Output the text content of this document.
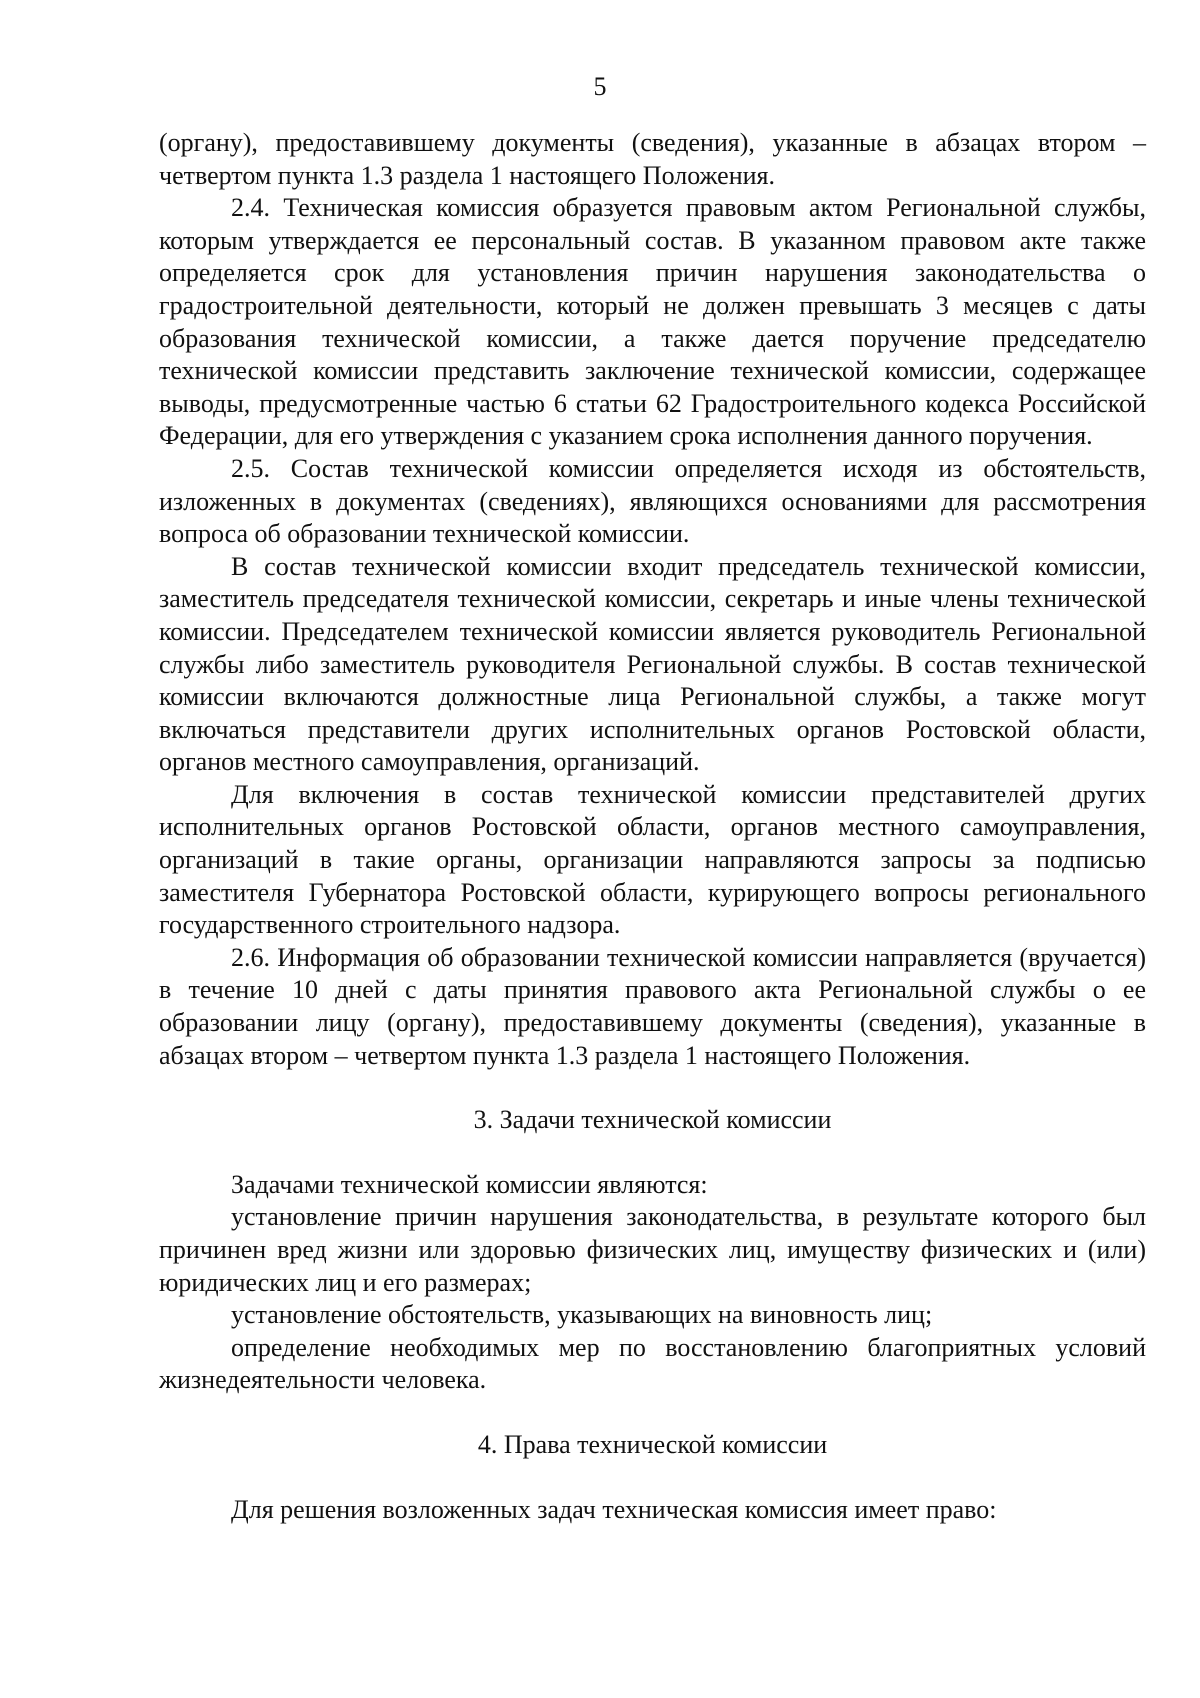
5

(органу), предоставившему документы (сведения), указанные в абзацах втором – четвертом пункта 1.3 раздела 1 настоящего Положения.

2.4. Техническая комиссия образуется правовым актом Региональной службы, которым утверждается ее персональный состав. В указанном правовом акте также определяется срок для установления причин нарушения законодательства о градостроительной деятельности, который не должен превышать 3 месяцев с даты образования технической комиссии, а также дается поручение председателю технической комиссии представить заключение технической комиссии, содержащее выводы, предусмотренные частью 6 статьи 62 Градостроительного кодекса Российской Федерации, для его утверждения с указанием срока исполнения данного поручения.

2.5. Состав технической комиссии определяется исходя из обстоятельств, изложенных в документах (сведениях), являющихся основаниями для рассмотрения вопроса об образовании технической комиссии.

В состав технической комиссии входит председатель технической комиссии, заместитель председателя технической комиссии, секретарь и иные члены технической комиссии. Председателем технической комиссии является руководитель Региональной службы либо заместитель руководителя Региональной службы. В состав технической комиссии включаются должностные лица Региональной службы, а также могут включаться представители других исполнительных органов Ростовской области, органов местного самоуправления, организаций.

Для включения в состав технической комиссии представителей других исполнительных органов Ростовской области, органов местного самоуправления, организаций в такие органы, организации направляются запросы за подписью заместителя Губернатора Ростовской области, курирующего вопросы регионального государственного строительного надзора.

2.6. Информация об образовании технической комиссии направляется (вручается) в течение 10 дней с даты принятия правового акта Региональной службы о ее образовании лицу (органу), предоставившему документы (сведения), указанные в абзацах втором – четвертом пункта 1.3 раздела 1 настоящего Положения.

3. Задачи технической комиссии

Задачами технической комиссии являются:

установление причин нарушения законодательства, в результате которого был причинен вред жизни или здоровью физических лиц, имуществу физических и (или) юридических лиц и его размерах;

установление обстоятельств, указывающих на виновность лиц;

определение необходимых мер по восстановлению благоприятных условий жизнедеятельности человека.

4. Права технической комиссии

Для решения возложенных задач техническая комиссия имеет право:
